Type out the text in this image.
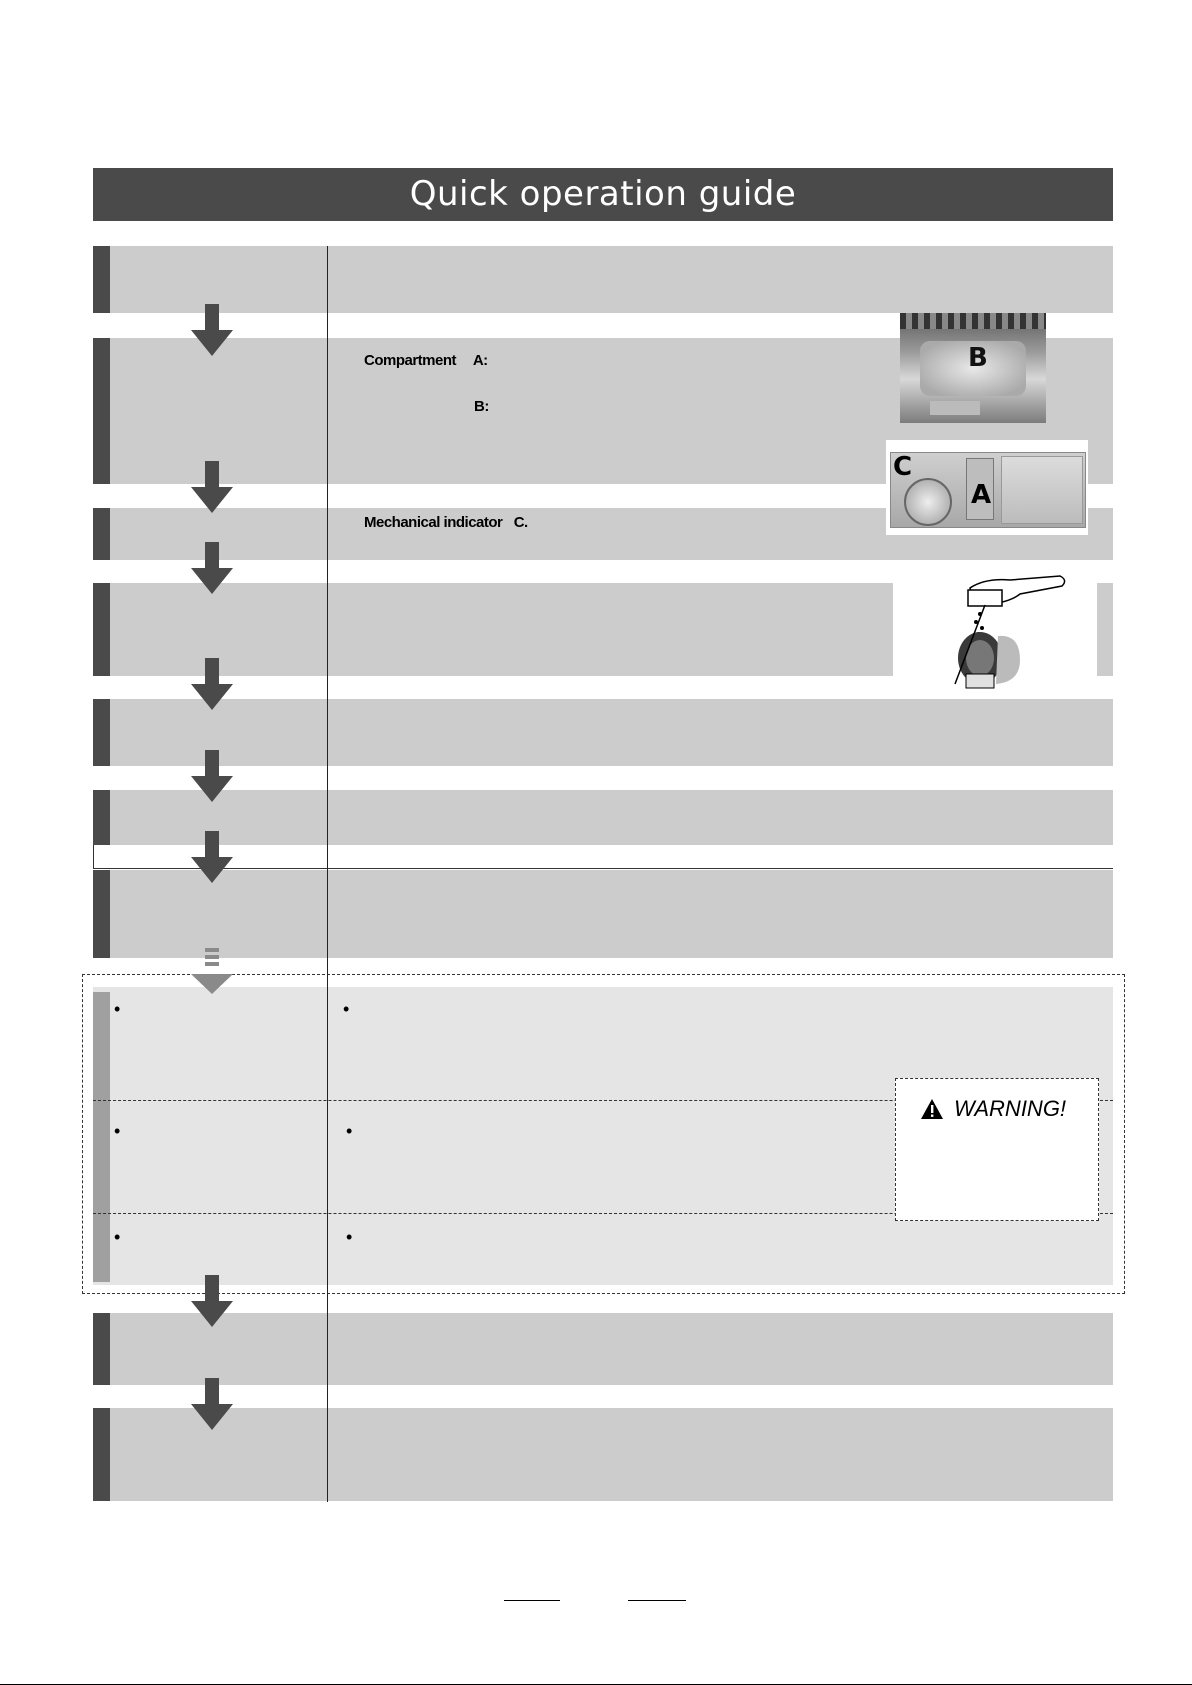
Quick operation guide
Compartment A:
B:
Mechanical indicator C.
•	•
•	•
•	•
WARNING!
B
C
A
